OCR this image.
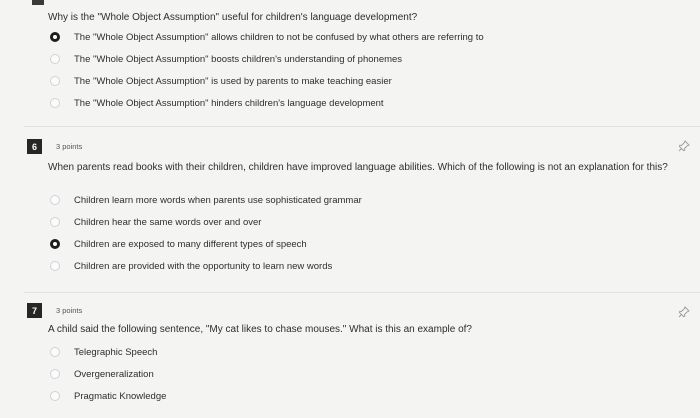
Why is the "Whole Object Assumption" useful for children's language development?
The "Whole Object Assumption" allows children to not be confused by what others are referring to
The "Whole Object Assumption" boosts children's understanding of phonemes
The "Whole Object Assumption" is used by parents to make teaching easier
The "Whole Object Assumption" hinders children's language development
6	3 points
When parents read books with their children, children have improved language abilities. Which of the following is not an explanation for this?
Children learn more words when parents use sophisticated grammar
Children hear the same words over and over
Children are exposed to many different types of speech
Children are provided with the opportunity to learn new words
7	3 points
A child said the following sentence, "My cat likes to chase mouses." What is this an example of?
Telegraphic Speech
Overgeneralization
Pragmatic Knowledge
